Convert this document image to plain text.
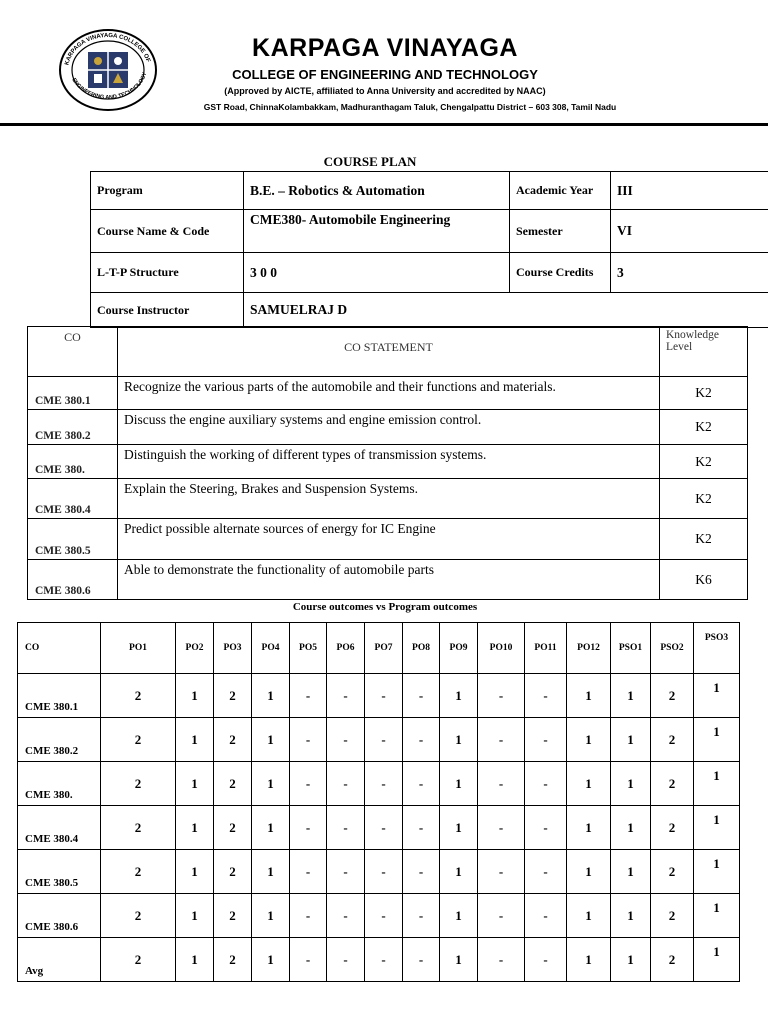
KARPAGA VINAYAGA COLLEGE OF
ENGINEERING AND TECHNOLOGY
KARPAGA VINAYAGA
COLLEGE OF ENGINEERING AND TECHNOLOGY
(Approved by AICTE, affiliated to Anna University and accredited by NAAC)
GST Road, ChinnaKolambakkam, Madhuranthagam Taluk, Chengalpattu District – 603 308, Tamil Nadu
COURSE PLAN
Program	B.E. – Robotics & Automation	Academic Year	III
Course Name & Code	CME380- Automobile Engineering	Semester	VI
L-T-P Structure	3 0 0	Course Credits	3
Course Instructor	SAMUELRAJ D		
CO	CO STATEMENT	Knowledge Level
CME 380.1	Recognize the various parts of the automobile and their functions and materials.	K2
CME 380.2	Discuss the engine auxiliary systems and engine emission control.	K2
CME 380.	Distinguish the working of different types of transmission systems.	K2
CME 380.4	Explain the Steering, Brakes and Suspension Systems.	K2
CME 380.5	Predict possible alternate sources of energy for IC Engine	K2
CME 380.6	Able to demonstrate the functionality of automobile parts	K6
Course outcomes vs Program outcomes
CO	PO1	PO2	PO3	PO4	PO5	PO6	PO7	PO8	PO9	PO10	PO11	PO12	PSO1	PSO2	PSO3
CME 380.1	2	1	2	1	-	-	-	-	1	-	-	1	1	2	1
CME 380.2	2	1	2	1	-	-	-	-	1	-	-	1	1	2	1
CME 380.	2	1	2	1	-	-	-	-	1	-	-	1	1	2	1
CME 380.4	2	1	2	1	-	-	-	-	1	-	-	1	1	2	1
CME 380.5	2	1	2	1	-	-	-	-	1	-	-	1	1	2	1
CME 380.6	2	1	2	1	-	-	-	-	1	-	-	1	1	2	1
Avg	2	1	2	1	-	-	-	-	1	-	-	1	1	2	1
